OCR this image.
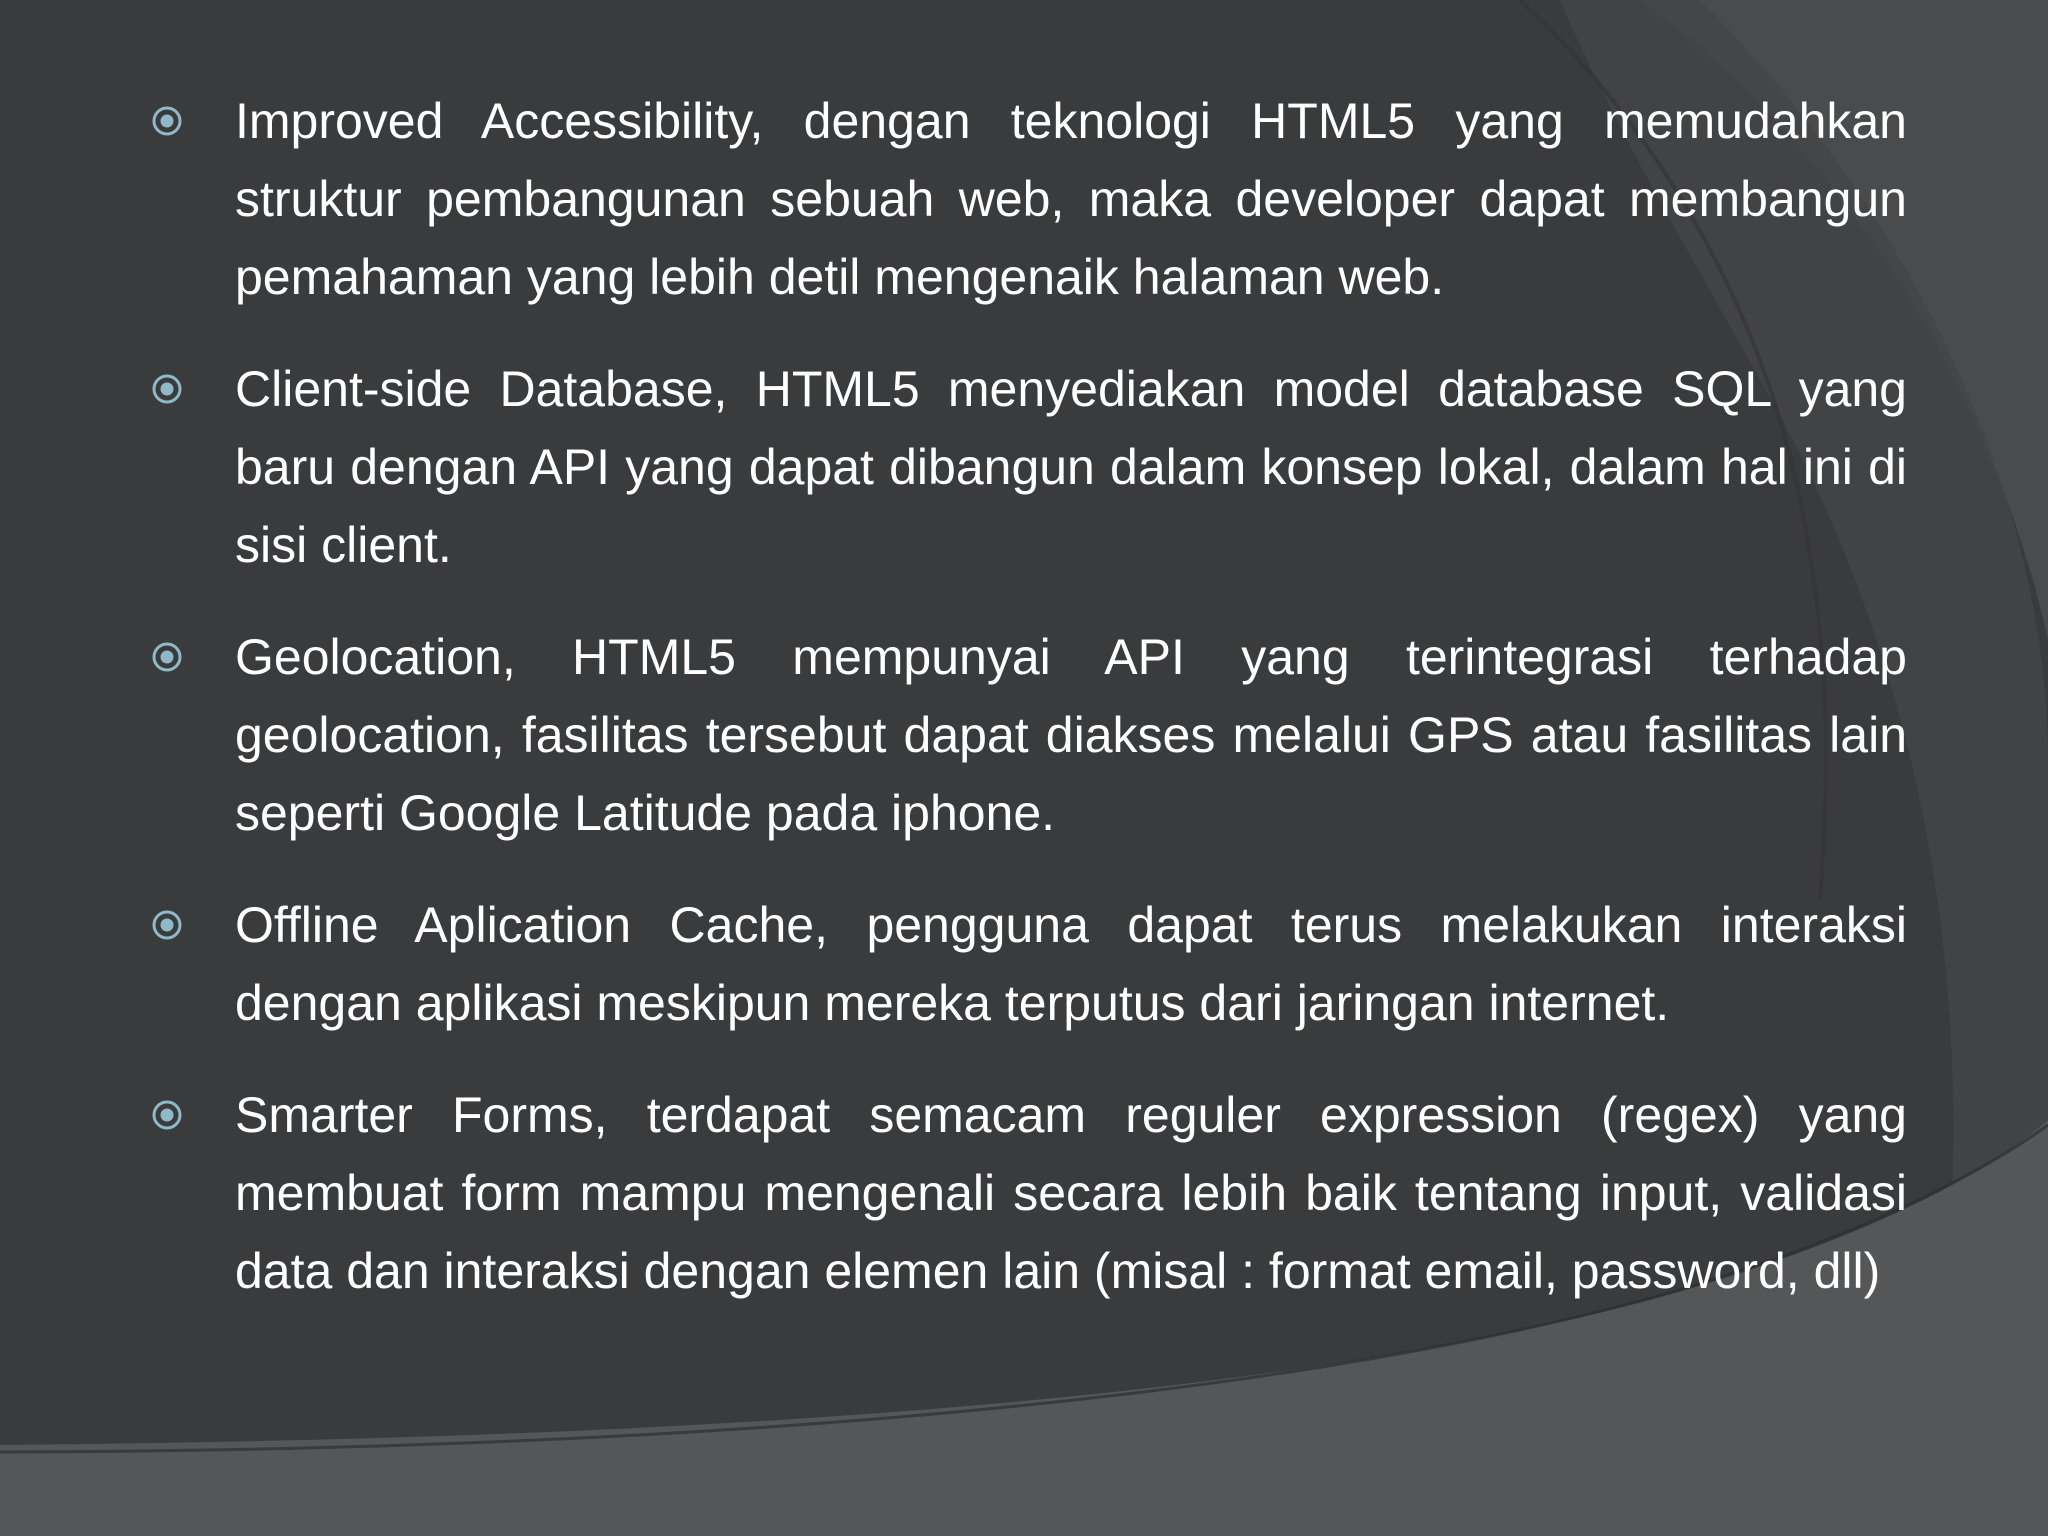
Improved Accessibility, dengan teknologi HTML5 yang memudahkan struktur pembangunan sebuah web, maka developer dapat membangun pemahaman yang lebih detil mengenaik halaman web.
Client-side Database, HTML5 menyediakan model database SQL yang baru dengan API yang dapat dibangun dalam konsep lokal, dalam hal ini di sisi client.
Geolocation, HTML5 mempunyai API yang terintegrasi terhadap geolocation, fasilitas tersebut dapat diakses melalui GPS atau fasilitas lain seperti Google Latitude pada iphone.
Offline Aplication Cache, pengguna dapat terus melakukan interaksi dengan aplikasi meskipun mereka terputus dari jaringan internet.
Smarter Forms, terdapat semacam reguler expression (regex) yang membuat form mampu mengenali secara lebih baik tentang input, validasi data dan interaksi dengan elemen lain (misal : format email, password, dll)
